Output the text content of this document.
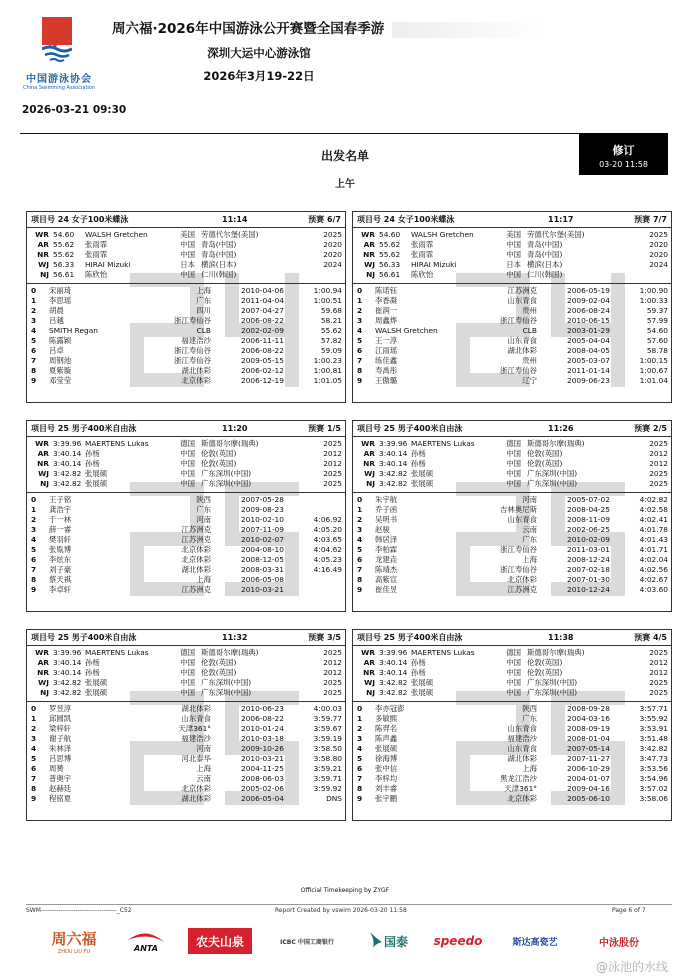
中国游泳协会
China Swimming Association
周六福·2026年中国游泳公开赛暨全国春季游
深圳大运中心游泳馆
2026年3月19-22日
2026-03-21 09:30
修订
03-20 11:58
出发名单
上午
项目号 24 女子100米蝶泳	11:14	预赛 6/7
WR 54.60 WALSH Gretchen	美国 劳德代尔堡(美国)	2025
AR 55.62 张雨霏	中国 青岛(中国)	2020
NR 55.62 张雨霏	中国 青岛(中国)	2020
WJ 56.33 HIRAI Mizuki	日本 横滨(日本)	2024
NJ 56.61 陈欣怡	中国 仁川(韩国)
0 宋丽琦	上海	2010-04-06	1:00.94
1 李思瑶	广东	2011-04-04	1:00.51
2 胡晨	四川	2007-04-27	59.68
3 吕越	浙江寿仙谷	2006-08-22	58.21
4 SMITH Regan	CLB	2002-02-09	55.62
5 陈露颖	福建浩沙	2006-11-11	57.82
6 吕卓	浙江寿仙谷	2006-08-22	59.09
7 周钢池	浙江寿仙谷	2009-05-15	1:00.23
8 夏紫璇	湖北体彩	2006-02-12	1:00.81
9 邓莹莹	北京体彩	2006-12-19	1:01.05
项目号 24 女子100米蝶泳	11:17	预赛 7/7
WR 54.60 WALSH Gretchen	美国 劳德代尔堡(美国)	2025
AR 55.62 张雨霏	中国 青岛(中国)	2020
NR 55.62 张雨霏	中国 青岛(中国)	2020
WJ 56.33 HIRAI Mizuki	日本 横滨(日本)	2024
NJ 56.61 陈欣怡	中国 仁川(韩国)
0 陈诺钰	江苏洲克	2006-05-19	1:00.90
1 李香凝	山东青食	2009-02-04	1:00.33
2 崔润一	贵州	2006-08-24	59.37
3 周鑫烨	浙江寿仙谷	2010-06-15	57.99
4 WALSH Gretchen	CLB	2003-01-29	54.60
5 王一淳	山东青食	2005-04-04	57.60
6 江雨瑶	湖北体彩	2008-04-05	58.78
7 练佳鑫	贵州	2005-03-07	1:00.15
8 寿禹彤	浙江寿仙谷	2011-01-14	1:00.67
9 王傲璐	辽宁	2009-06-23	1:01.04
项目号 25 男子400米自由泳	11:20	预赛 1/5
WR 3:39.96 MAERTENS Lukas	德国 斯德哥尔摩(瑞典)	2025
AR 3:40.14 孙杨	中国 伦敦(英国)	2012
NR 3:40.14 孙杨	中国 伦敦(英国)	2012
WJ 3:42.82 张展硕	中国 广东深圳(中国)	2025
NJ 3:42.82 张展硕	中国 广东深圳(中国)	2025
0 王子铭	陕西	2007-05-28
1 龚浩宇	广东	2009-08-23
2 于一林	河南	2010-02-10	4:06.92
3 薛一睿	江苏洲克	2007-11-09	4:05.20
4 樊羽轩	江苏洲克	2010-02-07	4:03.65
5 张胤博	北京体彩	2004-08-10	4:04.62
6 李炫东	北京体彩	2008-12-05	4:05.23
7 刘子豪	湖北体彩	2008-03-31	4:16.49
8 蔡天祺	上海	2006-05-08
9 李卓轩	江苏洲克	2010-03-21
项目号 25 男子400米自由泳	11:26	预赛 2/5
WR 3:39.96 MAERTENS Lukas	德国 斯德哥尔摩(瑞典)	2025
AR 3:40.14 孙杨	中国 伦敦(英国)	2012
NR 3:40.14 孙杨	中国 伦敦(英国)	2012
WJ 3:42.82 张展硕	中国 广东深圳(中国)	2025
NJ 3:42.82 张展硕	中国 广东深圳(中国)	2025
0 朱宇航	河南	2005-07-02	4:02.82
1 乔子函	吉林奥尼斯	2008-04-25	4:02.58
2 吴明书	山东青食	2008-11-09	4:02.41
3 赵骏	云南	2002-06-25	4:01.78
4 韩居泽	广东	2010-02-09	4:01.43
5 李柏霖	浙江寿仙谷	2011-03-01	4:01.71
6 龙建垚	上海	2008-12-24	4:02.04
7 陈靖杰	浙江寿仙谷	2007-02-18	4:02.56
8 高紫宣	北京体彩	2007-01-30	4:02.67
9 崔佳昱	江苏洲克	2010-12-24	4:03.60
项目号 25 男子400米自由泳	11:32	预赛 3/5
WR 3:39.96 MAERTENS Lukas	德国 斯德哥尔摩(瑞典)	2025
AR 3:40.14 孙杨	中国 伦敦(英国)	2012
NR 3:40.14 孙杨	中国 伦敦(英国)	2012
WJ 3:42.82 张展硕	中国 广东深圳(中国)	2025
NJ 3:42.82 张展硕	中国 广东深圳(中国)	2025
0 罗昱淳	湖北体彩	2010-06-23	4:00.03
1 邱圆凯	山东青食	2006-08-22	3:59.77
2 梁梓轩	天津361°	2010-01-24	3:59.67
3 谢子航	福建浩沙	2010-03-18	3:59.19
4 朱林泽	河南	2009-10-26	3:58.50
5 吕思博	河北泰华	2010-03-21	3:58.80
6 周赟	上海	2004-11-25	3:59.21
7 普奥宇	云南	2008-06-03	3:59.71
8 赵赫廷	北京体彩	2005-02-06	3:59.92
9 程铭夏	湖北体彩	2006-05-04	DNS
项目号 25 男子400米自由泳	11:38	预赛 4/5
WR 3:39.96 MAERTENS Lukas	德国 斯德哥尔摩(瑞典)	2025
AR 3:40.14 孙杨	中国 伦敦(英国)	2012
NR 3:40.14 孙杨	中国 伦敦(英国)	2012
WJ 3:42.82 张展硕	中国 广东深圳(中国)	2025
NJ 3:42.82 张展硕	中国 广东深圳(中国)	2025
0 李亦冠澎	陕西	2008-09-28	3:57.71
1 多敏熙	广东	2004-03-16	3:55.92
2 陈羿名	山东青食	2008-09-19	3:53.91
3 陈声鑫	福建浩沙	2008-01-04	3:51.48
4 张展硕	山东青食	2007-05-14	3:42.82
5 徐海博	湖北体彩	2007-11-27	3:47.73
6 张中信	上海	2006-10-29	3:53.56
7 李梓均	黑龙江浩沙	2004-01-07	3:54.96
8 刘丰睿	天津361°	2009-04-16	3:57.02
9 张宇鹏	北京体彩	2005-06-10	3:58.06
Official Timekeeping by ZYGF
SWM-----------------------------------_C52	Report Created by vswim 2026-03-20 11:58	Page 6 of 7
周六福
ZHOU LIU FU	ANTA	农夫山泉	ICBC 中国工商银行	国泰 speedo	斯达高瓷艺	中泳股份
@泳池的水线
